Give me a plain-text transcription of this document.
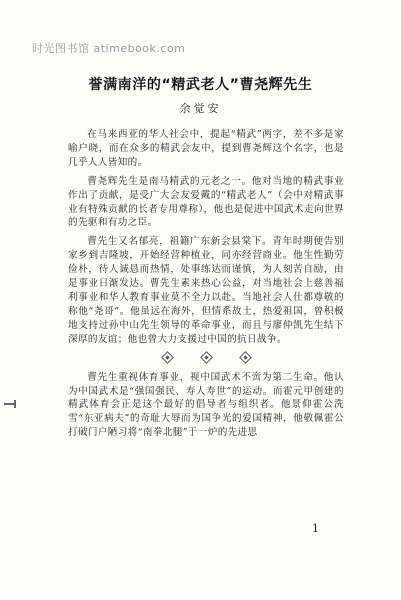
时光图书馆 atimebook.com
誉满南洋的“精武老人”曹尧辉先生
余觉安

在马来西亚的华人社会中，提起“精武”两字，差不多是家喻户晓，而在众多的精武会友中，提到曹尧辉这个名字，也是几乎人人皆知的。

曹尧辉先生是南马精武的元老之一。他对当地的精武事业作出了贡献，是受广大会友爱戴的“精武老人”（会中对精武事业有特殊贡献的长者专用尊称），他也是促进中国武术走向世界的先驱和有功之臣。

曹先生又名郁亮，祖籍广东新会县棠下。青年时期便告别家乡到吉隆坡，开始经营种植业，同亦经营商业。他生性勤劳俭朴，待人诚恳而热情，处事练达而谨慎，为人刻苦自励，由是事业日渐发达。曹先生素来热心公益，对当地社会上慈善福利事业和华人教育事业莫不全力以赴。当地社会人仕都尊敬的称他“尧哥”。他虽远在海外，但情系故土，热爱祖国，曾积极地支持过孙中山先生领导的革命事业，而且与廖仲凯先生结下深厚的友谊；他也曾大力支援过中国的抗日战争。

曹先生重视体育事业，视中国武术不啻为第二生命。他认为中国武术是“强国强民、寿人寿世”的运动。而霍元甲创建的精武体育会正是这个最好的倡导者与组织者。他景仰霍公洗雪“东亚病夫”的奇耻大辱而为国争光的爱国精神，他敬佩霍公打破门户陋习将“南拳北腿”于一炉的先进思

1
